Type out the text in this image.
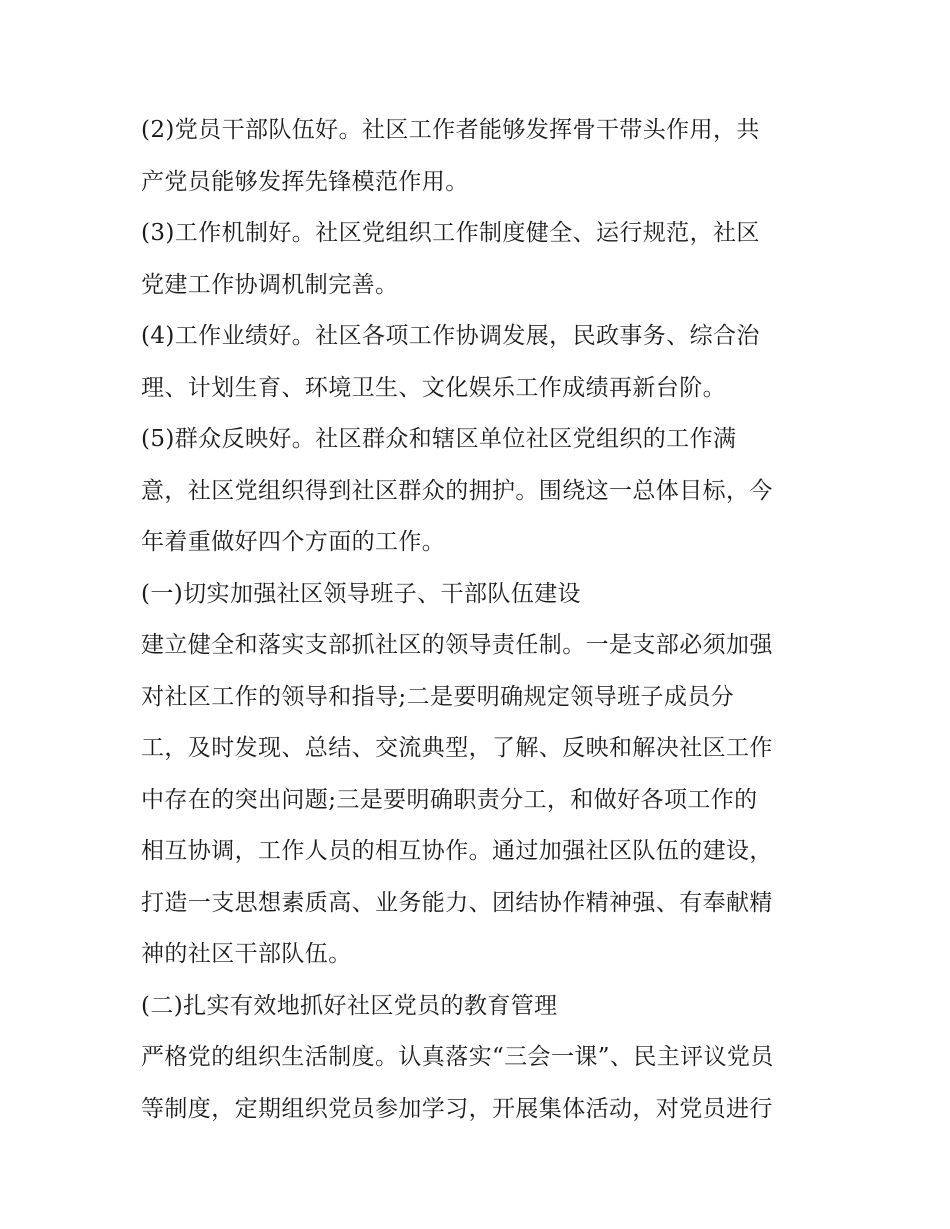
(2)党员干部队伍好。社区工作者能够发挥骨干带头作用，共
产党员能够发挥先锋模范作用。
(3)工作机制好。社区党组织工作制度健全、运行规范，社区
党建工作协调机制完善。
(4)工作业绩好。社区各项工作协调发展，民政事务、综合治
理、计划生育、环境卫生、文化娱乐工作成绩再新台阶。
(5)群众反映好。社区群众和辖区单位社区党组织的工作满
意，社区党组织得到社区群众的拥护。围绕这一总体目标，今
年着重做好四个方面的工作。
(一)切实加强社区领导班子、干部队伍建设
建立健全和落实支部抓社区的领导责任制。一是支部必须加强
对社区工作的领导和指导;二是要明确规定领导班子成员分
工，及时发现、总结、交流典型，了解、反映和解决社区工作
中存在的突出问题;三是要明确职责分工，和做好各项工作的
相互协调，工作人员的相互协作。通过加强社区队伍的建设，
打造一支思想素质高、业务能力、团结协作精神强、有奉献精
神的社区干部队伍。
(二)扎实有效地抓好社区党员的教育管理
严格党的组织生活制度。认真落实“三会一课”、民主评议党员
等制度，定期组织党员参加学习，开展集体活动，对党员进行
